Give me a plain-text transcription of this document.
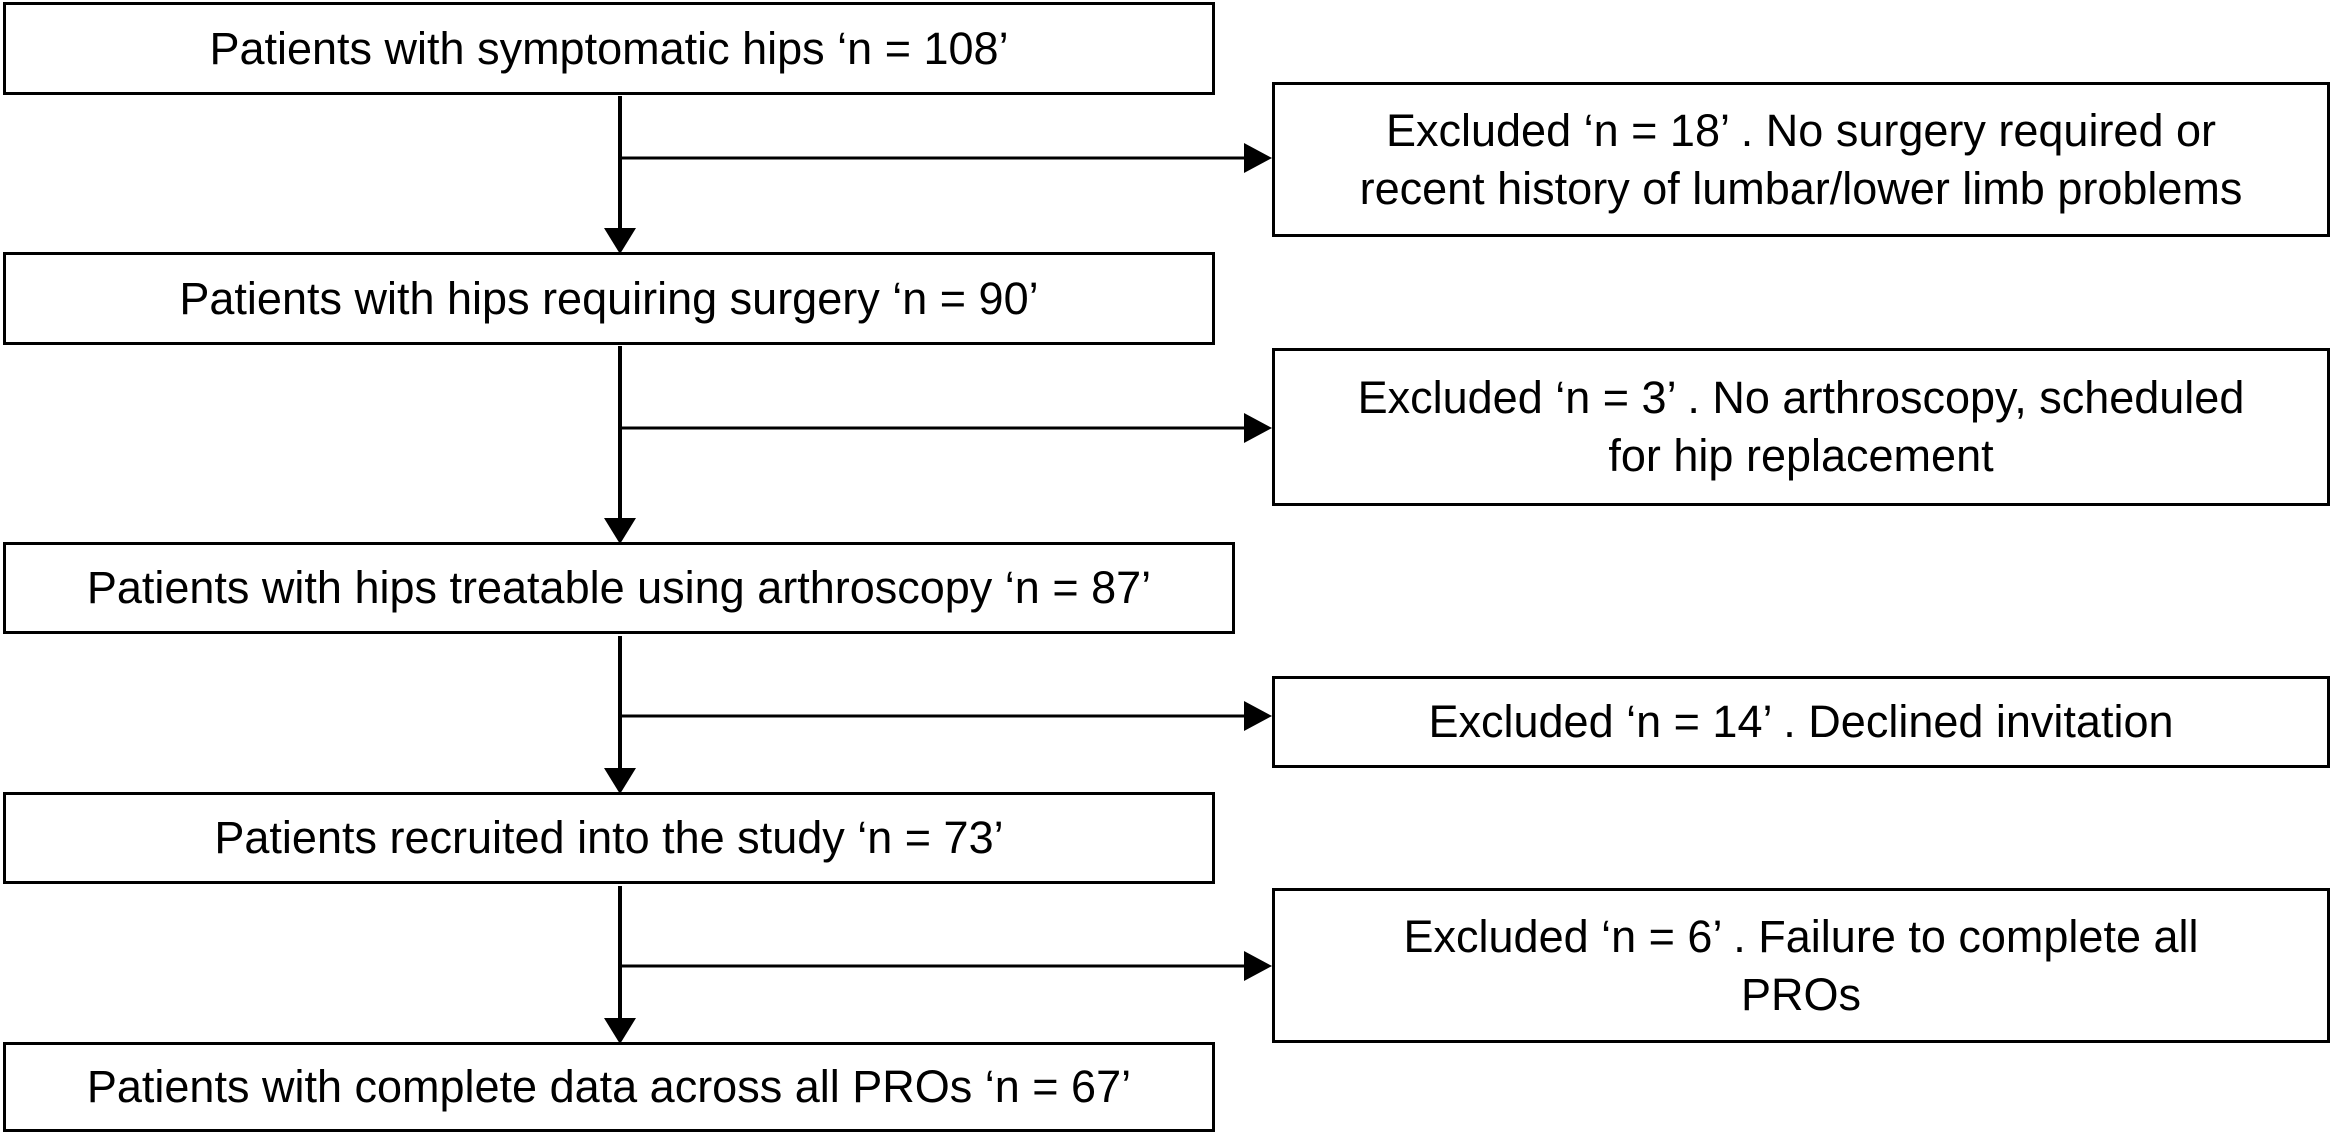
Patients with symptomatic hips ‘n = 108’
Patients with hips requiring surgery ‘n = 90’
Patients with hips treatable using arthroscopy ‘n = 87’
Patients recruited into the study ‘n = 73’
Patients with complete data across all PROs ‘n = 67’
Excluded ‘n = 18’ . No surgery required or
recent history of lumbar/lower limb problems
Excluded ‘n = 3’ . No arthroscopy, scheduled
for hip replacement
Excluded ‘n = 14’ . Declined invitation
Excluded ‘n = 6’ . Failure to complete all
PROs
